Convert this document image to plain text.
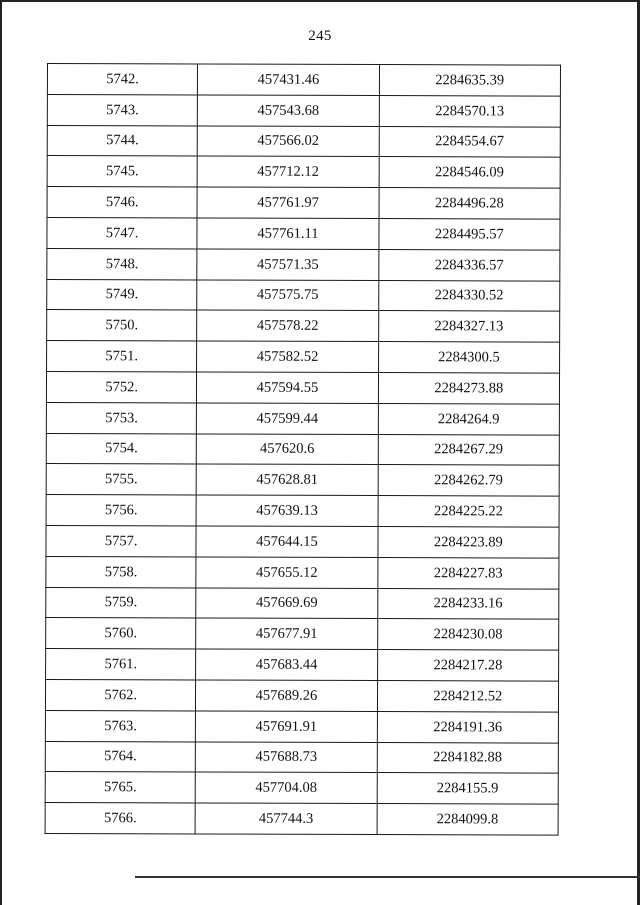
245
5742.	457431.46	2284635.39
5743.	457543.68	2284570.13
5744.	457566.02	2284554.67
5745.	457712.12	2284546.09
5746.	457761.97	2284496.28
5747.	457761.11	2284495.57
5748.	457571.35	2284336.57
5749.	457575.75	2284330.52
5750.	457578.22	2284327.13
5751.	457582.52	2284300.5
5752.	457594.55	2284273.88
5753.	457599.44	2284264.9
5754.	457620.6	2284267.29
5755.	457628.81	2284262.79
5756.	457639.13	2284225.22
5757.	457644.15	2284223.89
5758.	457655.12	2284227.83
5759.	457669.69	2284233.16
5760.	457677.91	2284230.08
5761.	457683.44	2284217.28
5762.	457689.26	2284212.52
5763.	457691.91	2284191.36
5764.	457688.73	2284182.88
5765.	457704.08	2284155.9
5766.	457744.3	2284099.8
